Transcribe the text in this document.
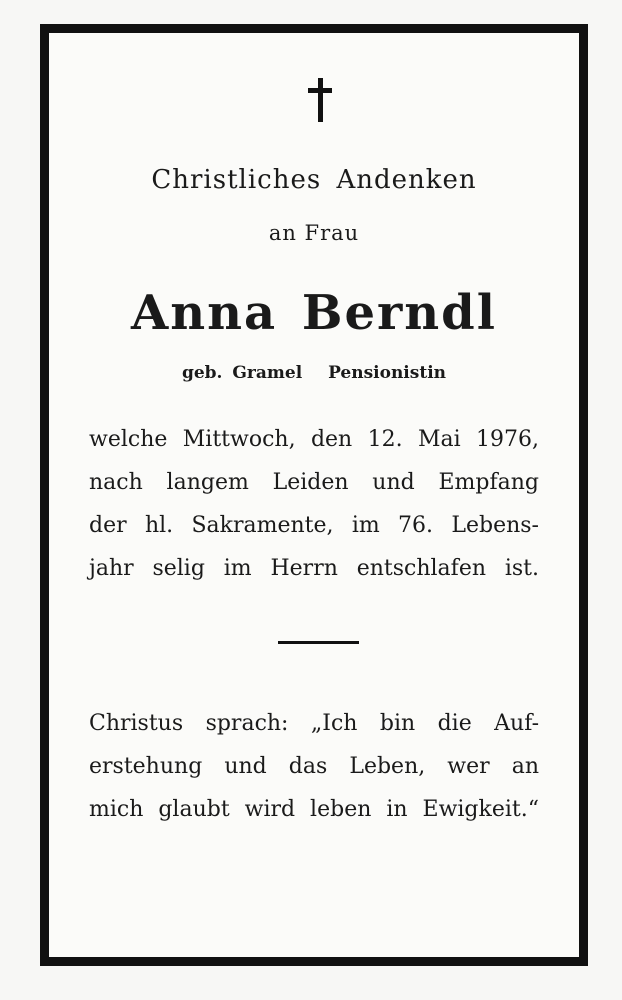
Christliches Andenken
an Frau
Anna Berndl
geb. Gramel Pensionistin
welche Mittwoch, den 12. Mai 1976,
nach langem Leiden und Empfang
der hl. Sakramente, im 76. Lebens-
jahr selig im Herrn entschlafen ist.
Christus sprach: „Ich bin die Auf-
erstehung und das Leben, wer an
mich glaubt wird leben in Ewigkeit.“
